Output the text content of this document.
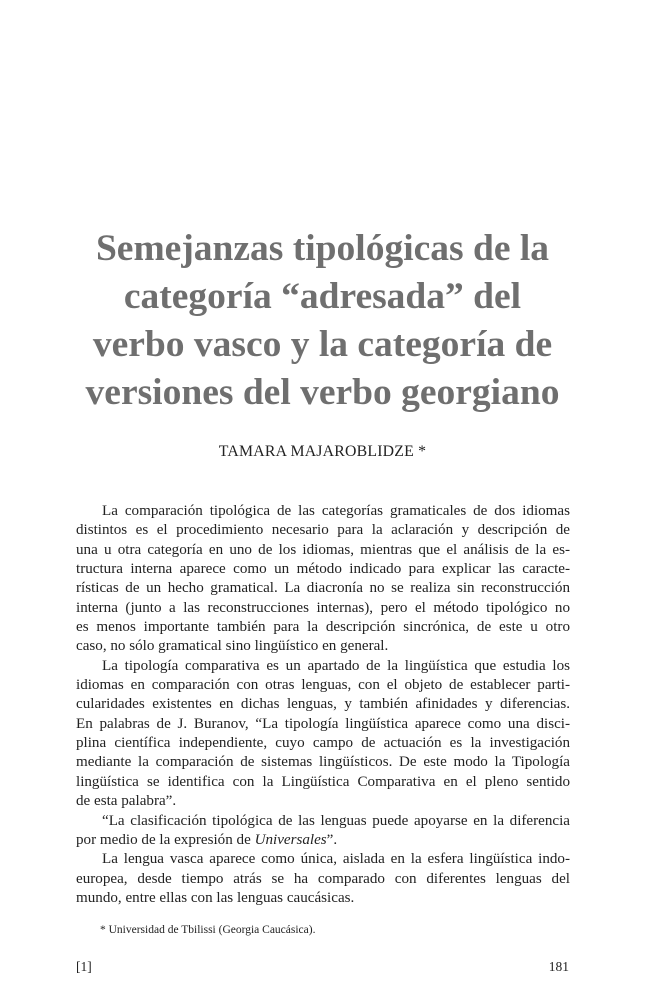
Semejanzas tipológicas de la
categoría “adresada” del
verbo vasco y la categoría de
versiones del verbo georgiano
TAMARA MAJAROBLIDZE *
La comparación tipológica de las categorías gramaticales de dos idiomas
distintos es el procedimiento necesario para la aclaración y descripción de
una u otra categoría en uno de los idiomas, mientras que el análisis de la es-
tructura interna aparece como un método indicado para explicar las caracte-
rísticas de un hecho gramatical. La diacronía no se realiza sin reconstrucción
interna (junto a las reconstrucciones internas), pero el método tipológico no
es menos importante también para la descripción sincrónica, de este u otro
caso, no sólo gramatical sino lingüístico en general.
La tipología comparativa es un apartado de la lingüística que estudia los
idiomas en comparación con otras lenguas, con el objeto de establecer parti-
cularidades existentes en dichas lenguas, y también afinidades y diferencias.
En palabras de J. Buranov, “La tipología lingüística aparece como una disci-
plina científica independiente, cuyo campo de actuación es la investigación
mediante la comparación de sistemas lingüísticos. De este modo la Tipología
lingüística se identifica con la Lingüística Comparativa en el pleno sentido
de esta palabra”.
“La clasificación tipológica de las lenguas puede apoyarse en la diferencia
por medio de la expresión de Universales”.
La lengua vasca aparece como única, aislada en la esfera lingüística indo-
europea, desde tiempo atrás se ha comparado con diferentes lenguas del
mundo, entre ellas con las lenguas caucásicas.
* Universidad de Tbilissi (Georgia Caucásica).
[1]	181
